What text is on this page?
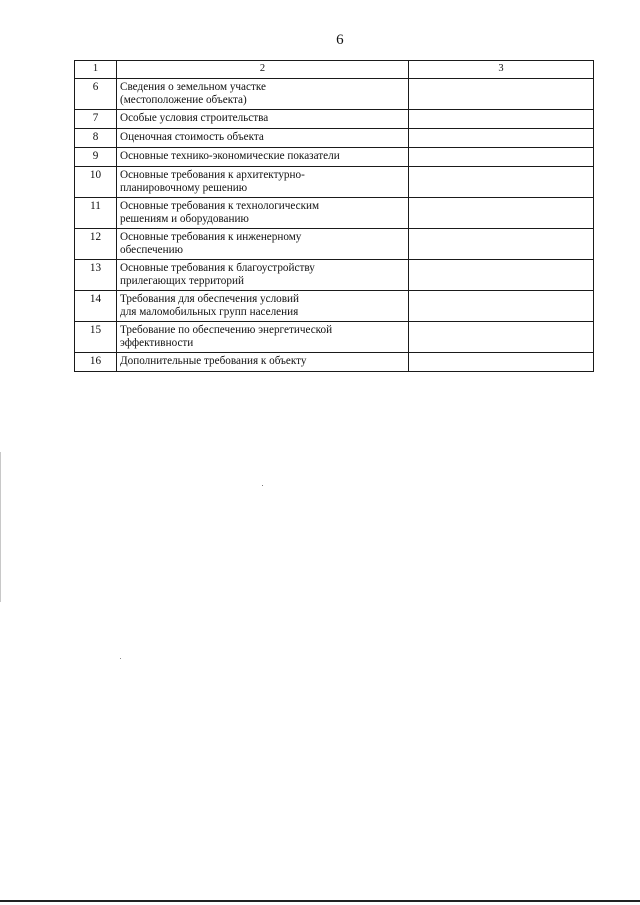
6
1	2	3
6	Сведения о земельном участке
(местоположение объекта)	
7	Особые условия строительства	
8	Оценочная стоимость объекта	
9	Основные технико-экономические показатели	
10	Основные требования к архитектурно-
планировочному решению	
11	Основные требования к технологическим
решениям и оборудованию	
12	Основные требования к инженерному
обеспечению	
13	Основные требования к благоустройству
прилегающих территорий	
14	Требования для обеспечения условий
для маломобильных групп населения	
15	Требование по обеспечению энергетической
эффективности	
16	Дополнительные требования к объекту	
